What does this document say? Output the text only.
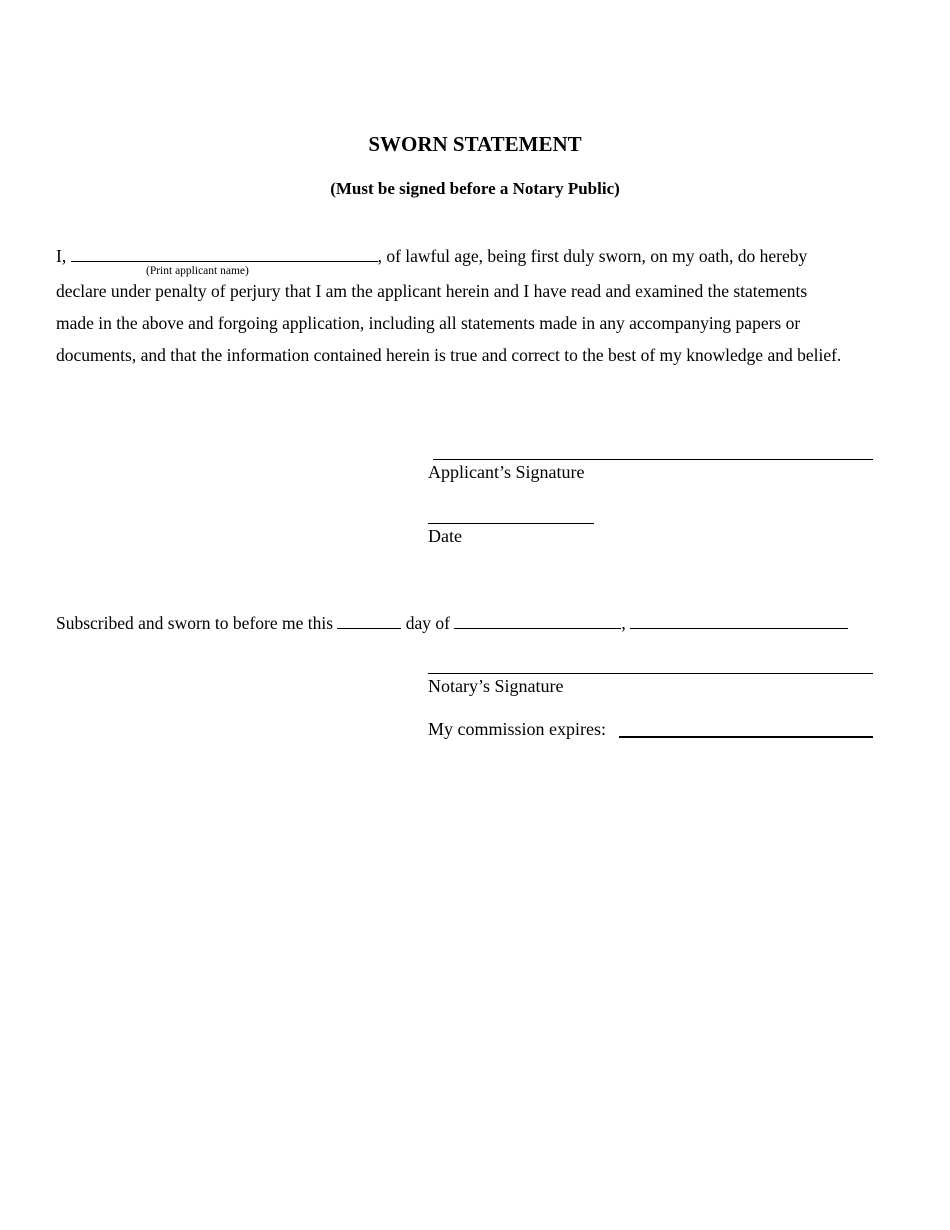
SWORN STATEMENT
(Must be signed before a Notary Public)
I,	, of lawful age, being first duly sworn, on my oath, do hereby
(Print applicant name)
declare under penalty of perjury that I am the applicant herein and I have read and examined the statements
made in the above and forgoing application, including all statements made in any accompanying papers or
documents, and that the information contained herein is true and correct to the best of my knowledge and belief.
Applicant’s Signature
Date
Subscribed and sworn to before me this	day of	,
Notary’s Signature
My commission expires:
